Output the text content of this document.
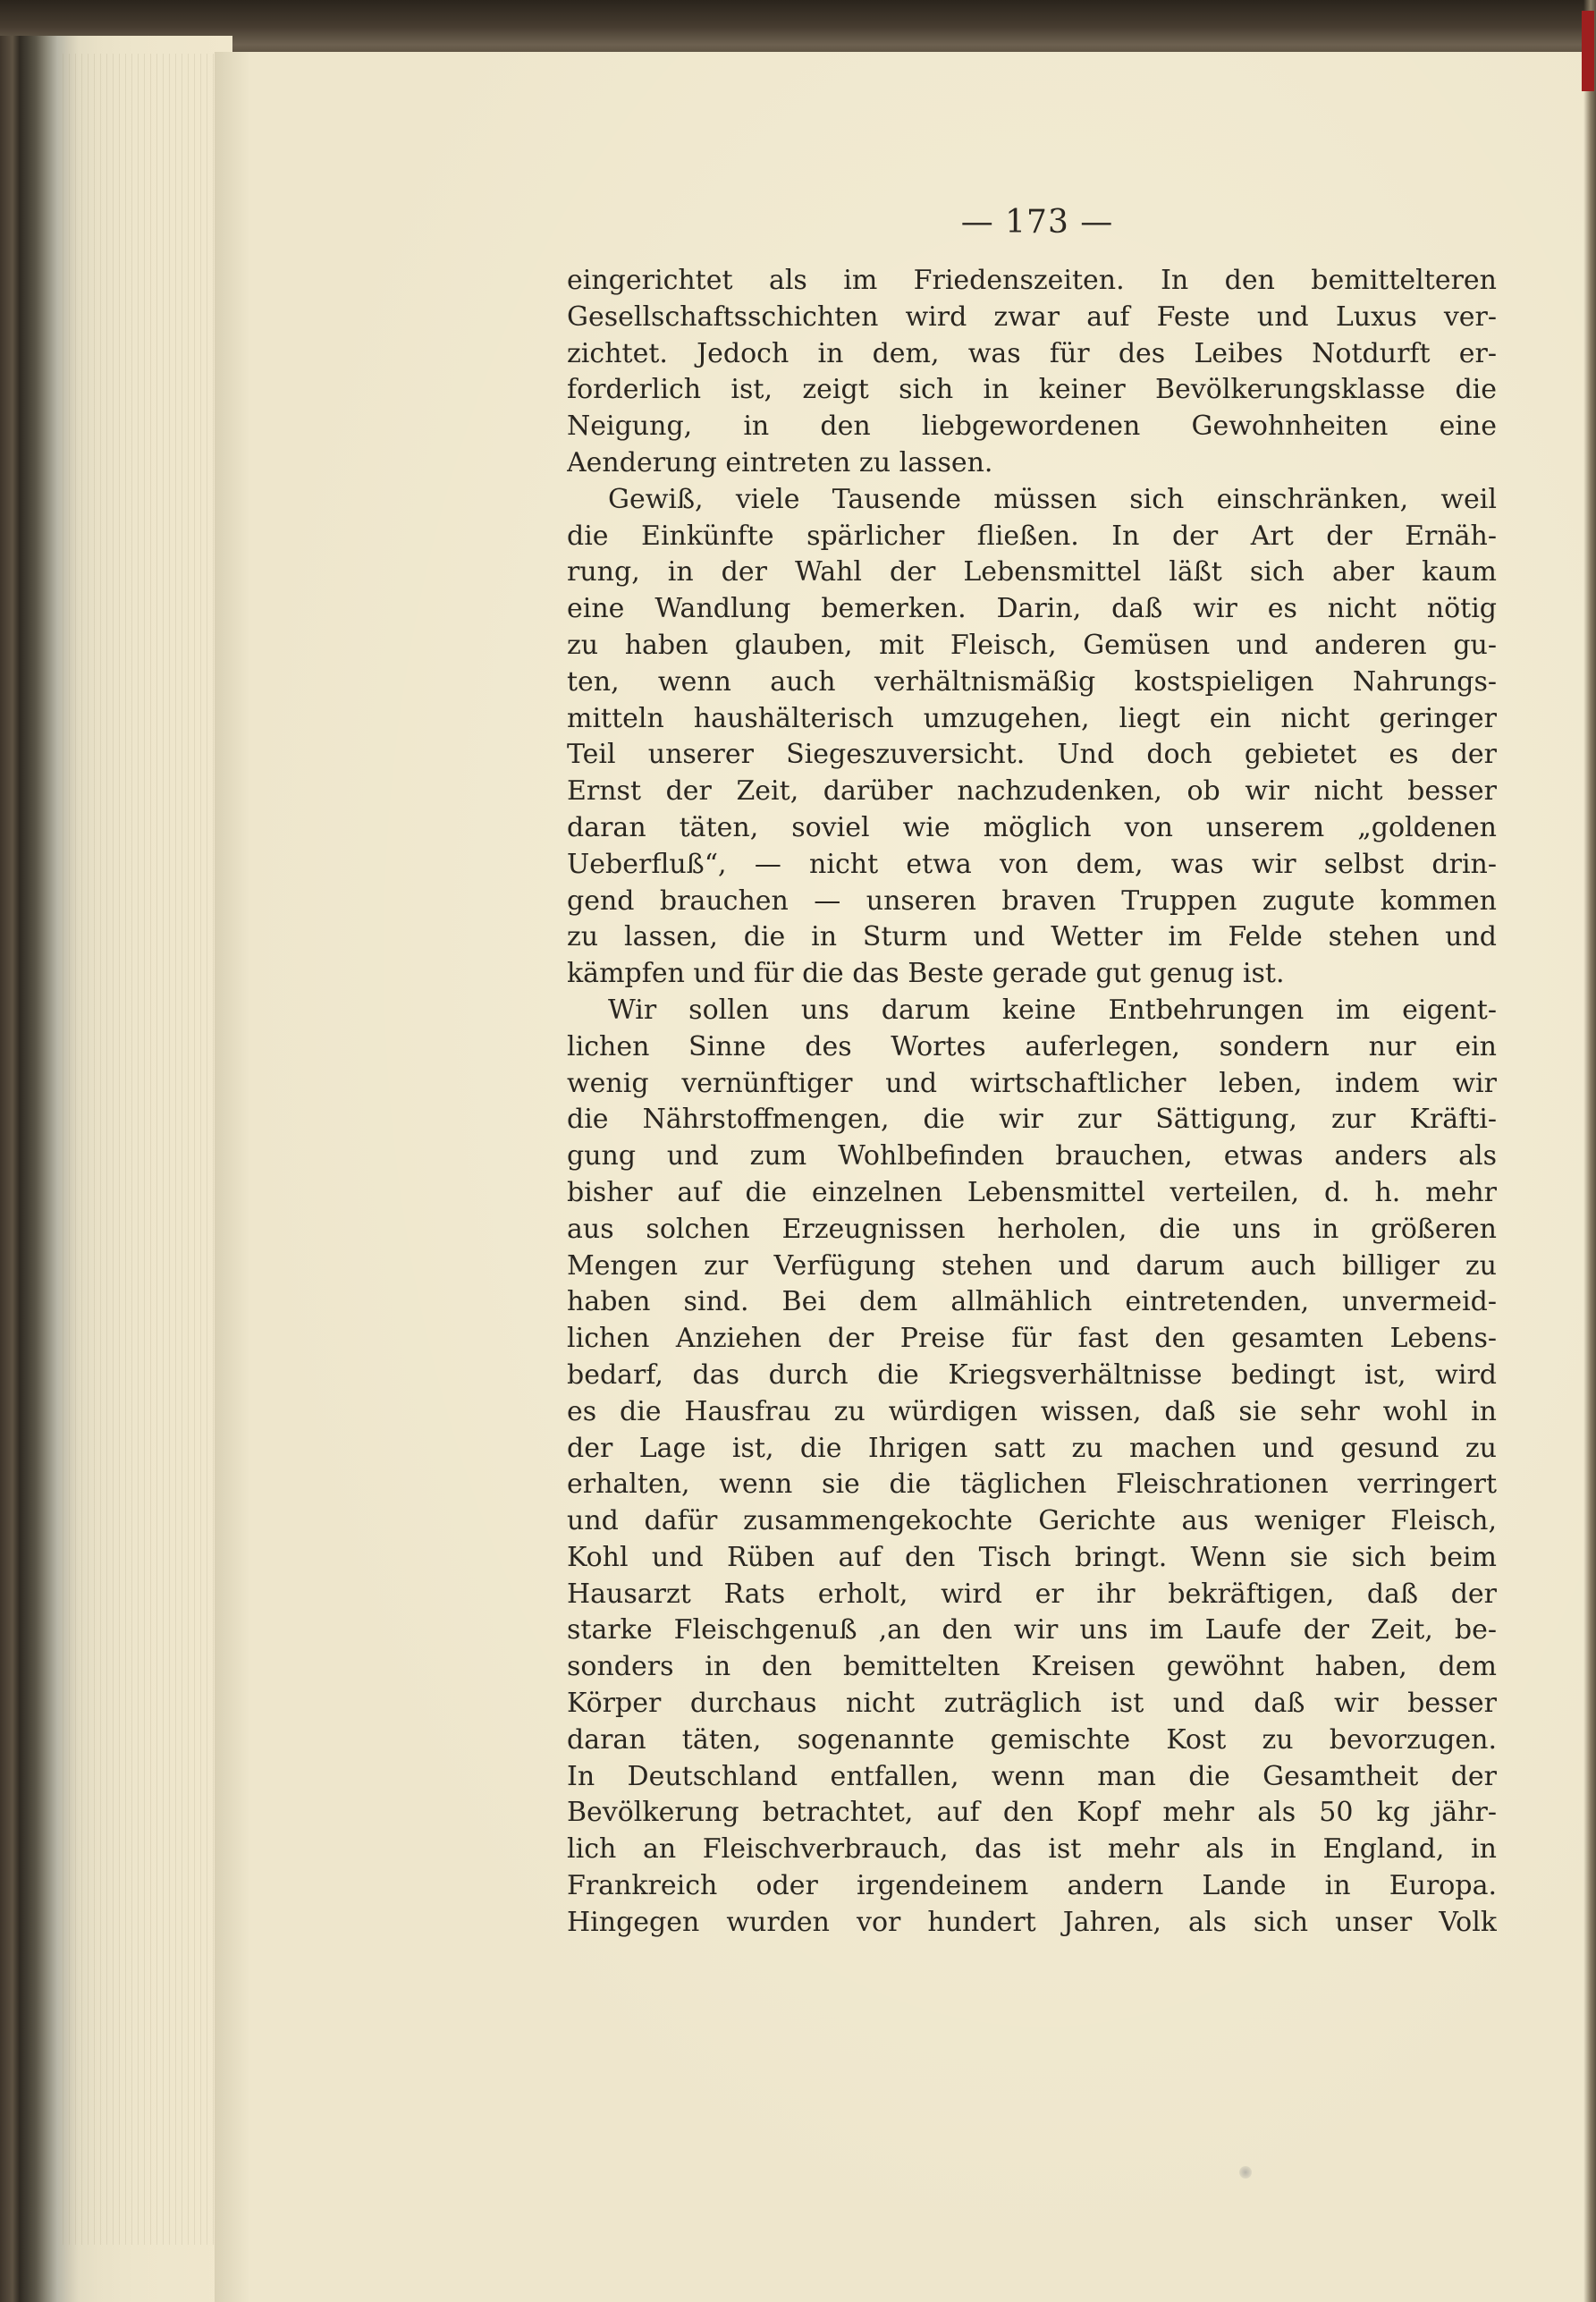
— 173 —
eingerichtet als im Friedenszeiten. In den bemittelteren
Gesellschaftsschichten wird zwar auf Feste und Luxus ver-
zichtet. Jedoch in dem, was für des Leibes Notdurft er-
forderlich ist, zeigt sich in keiner Bevölkerungsklasse die
Neigung, in den liebgewordenen Gewohnheiten eine
Aenderung eintreten zu lassen.
Gewiß, viele Tausende müssen sich einschränken, weil
die Einkünfte spärlicher fließen. In der Art der Ernäh-
rung, in der Wahl der Lebensmittel läßt sich aber kaum
eine Wandlung bemerken. Darin, daß wir es nicht nötig
zu haben glauben, mit Fleisch, Gemüsen und anderen gu-
ten, wenn auch verhältnismäßig kostspieligen Nahrungs-
mitteln haushälterisch umzugehen, liegt ein nicht geringer
Teil unserer Siegeszuversicht. Und doch gebietet es der
Ernst der Zeit, darüber nachzudenken, ob wir nicht besser
daran täten, soviel wie möglich von unserem „goldenen
Ueberfluß“, — nicht etwa von dem, was wir selbst drin-
gend brauchen — unseren braven Truppen zugute kommen
zu lassen, die in Sturm und Wetter im Felde stehen und
kämpfen und für die das Beste gerade gut genug ist.
Wir sollen uns darum keine Entbehrungen im eigent-
lichen Sinne des Wortes auferlegen, sondern nur ein
wenig vernünftiger und wirtschaftlicher leben, indem wir
die Nährstoffmengen, die wir zur Sättigung, zur Kräfti-
gung und zum Wohlbefinden brauchen, etwas anders als
bisher auf die einzelnen Lebensmittel verteilen, d. h. mehr
aus solchen Erzeugnissen herholen, die uns in größeren
Mengen zur Verfügung stehen und darum auch billiger zu
haben sind. Bei dem allmählich eintretenden, unvermeid-
lichen Anziehen der Preise für fast den gesamten Lebens-
bedarf, das durch die Kriegsverhältnisse bedingt ist, wird
es die Hausfrau zu würdigen wissen, daß sie sehr wohl in
der Lage ist, die Ihrigen satt zu machen und gesund zu
erhalten, wenn sie die täglichen Fleischrationen verringert
und dafür zusammengekochte Gerichte aus weniger Fleisch,
Kohl und Rüben auf den Tisch bringt. Wenn sie sich beim
Hausarzt Rats erholt, wird er ihr bekräftigen, daß der
starke Fleischgenuß ,an den wir uns im Laufe der Zeit, be-
sonders in den bemittelten Kreisen gewöhnt haben, dem
Körper durchaus nicht zuträglich ist und daß wir besser
daran täten, sogenannte gemischte Kost zu bevorzugen.
In Deutschland entfallen, wenn man die Gesamtheit der
Bevölkerung betrachtet, auf den Kopf mehr als 50 kg jähr-
lich an Fleischverbrauch, das ist mehr als in England, in
Frankreich oder irgendeinem andern Lande in Europa.
Hingegen wurden vor hundert Jahren, als sich unser Volk
